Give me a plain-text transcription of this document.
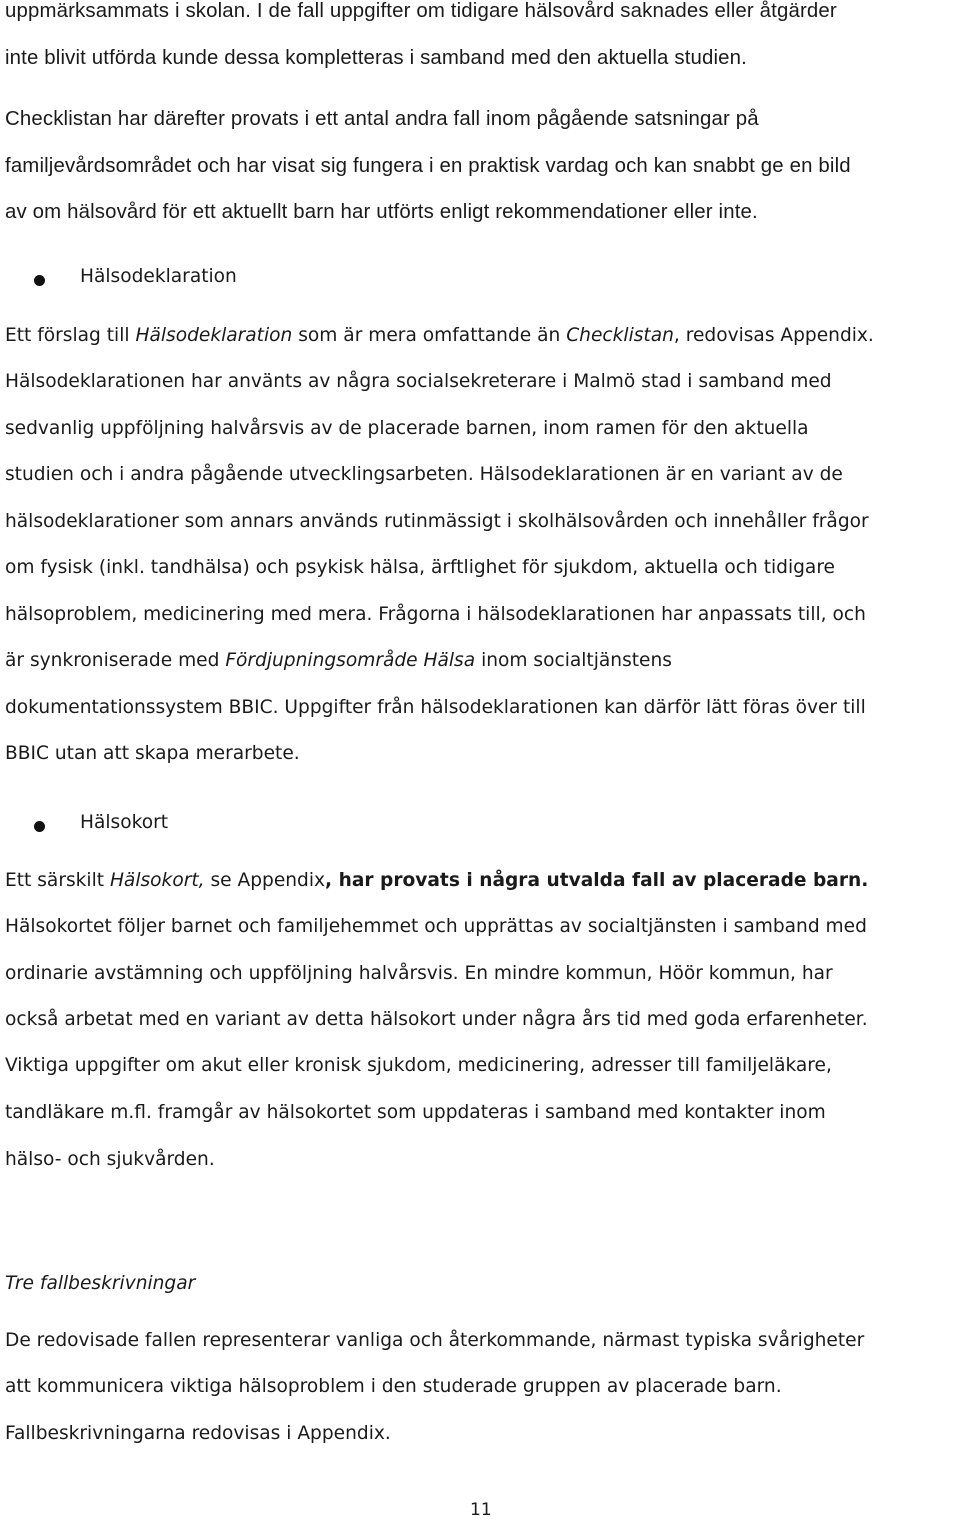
uppmärksammats i skolan. I de fall uppgifter om tidigare hälsovård saknades eller åtgärder
inte blivit utförda kunde dessa kompletteras i samband med den aktuella studien.
Checklistan har därefter provats i ett antal andra fall inom pågående satsningar på
familjevårdsområdet och har visat sig fungera i en praktisk vardag och kan snabbt ge en bild
av om hälsovård för ett aktuellt barn har utförts enligt rekommendationer eller inte.
Hälsodeklaration
Ett förslag till Hälsodeklaration som är mera omfattande än Checklistan, redovisas Appendix.
Hälsodeklarationen har använts av några socialsekreterare i Malmö stad i samband med
sedvanlig uppföljning halvårsvis av de placerade barnen, inom ramen för den aktuella
studien och i andra pågående utvecklingsarbeten. Hälsodeklarationen är en variant av de
hälsodeklarationer som annars används rutinmässigt i skolhälsovården och innehåller frågor
om fysisk (inkl. tandhälsa) och psykisk hälsa, ärftlighet för sjukdom, aktuella och tidigare
hälsoproblem, medicinering med mera. Frågorna i hälsodeklarationen har anpassats till, och
är synkroniserade med Fördjupningsområde Hälsa inom socialtjänstens
dokumentationssystem BBIC. Uppgifter från hälsodeklarationen kan därför lätt föras över till
BBIC utan att skapa merarbete.
Hälsokort
Ett särskilt Hälsokort, se Appendix, har provats i några utvalda fall av placerade barn.
Hälsokortet följer barnet och familjehemmet och upprättas av socialtjänsten i samband med
ordinarie avstämning och uppföljning halvårsvis. En mindre kommun, Höör kommun, har
också arbetat med en variant av detta hälsokort under några års tid med goda erfarenheter.
Viktiga uppgifter om akut eller kronisk sjukdom, medicinering, adresser till familjeläkare,
tandläkare m.fl. framgår av hälsokortet som uppdateras i samband med kontakter inom
hälso- och sjukvården.
Tre fallbeskrivningar
De redovisade fallen representerar vanliga och återkommande, närmast typiska svårigheter
att kommunicera viktiga hälsoproblem i den studerade gruppen av placerade barn.
Fallbeskrivningarna redovisas i Appendix.
11
